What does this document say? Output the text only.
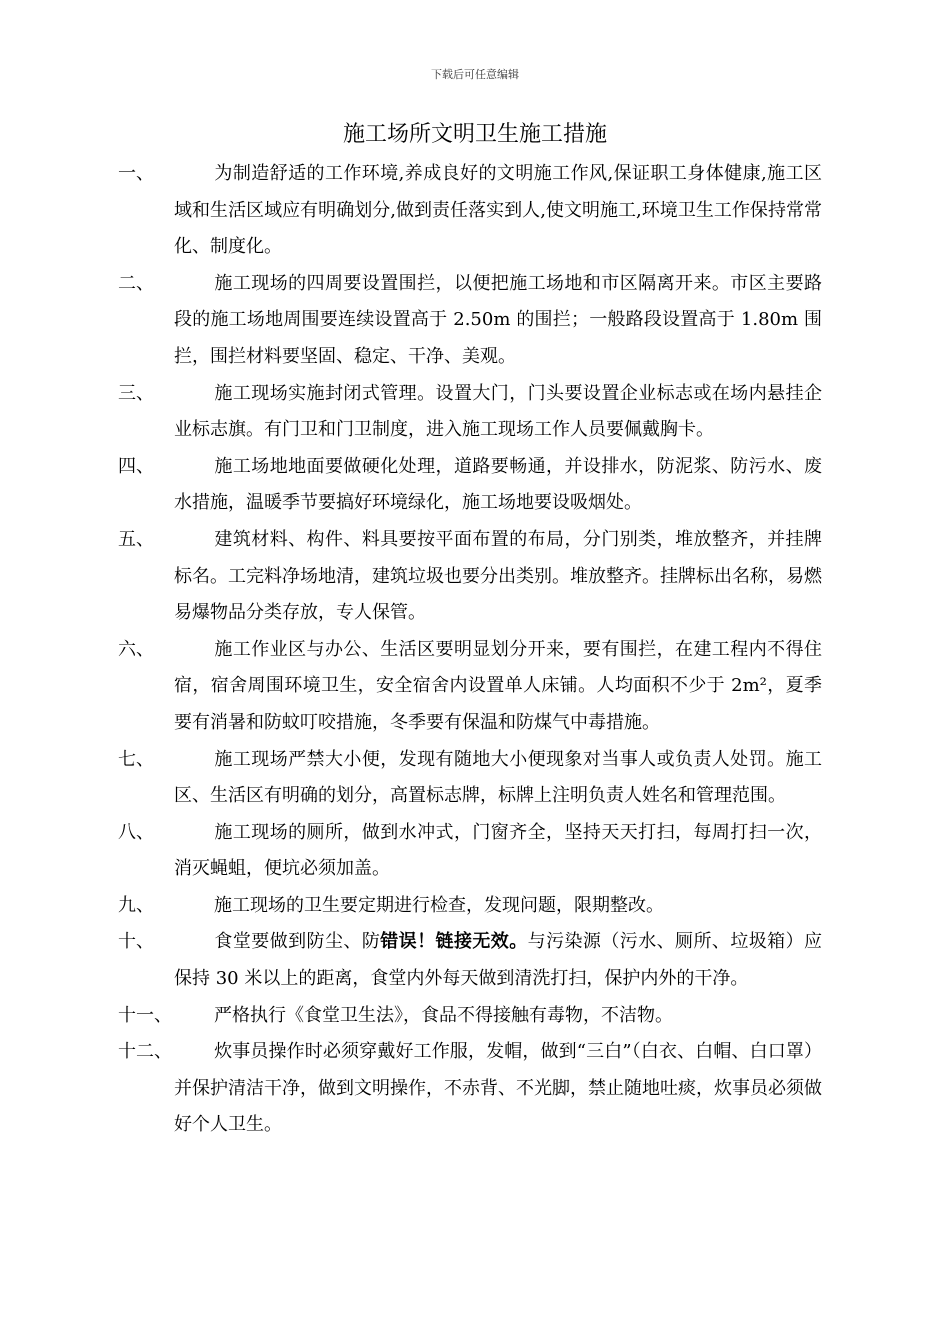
下载后可任意编辑
施工场所文明卫生施工措施
一、	为制造舒适的工作环境,养成良好的文明施工作风,保证职工身体健康,施工区域和生活区域应有明确划分,做到责任落实到人,使文明施工,环境卫生工作保持常常化、制度化。
二、	施工现场的四周要设置围拦，以便把施工场地和市区隔离开来。市区主要路段的施工场地周围要连续设置高于 2.50m 的围拦；一般路段设置高于 1.80m 围拦，围拦材料要坚固、稳定、干净、美观。
三、	施工现场实施封闭式管理。设置大门，门头要设置企业标志或在场内悬挂企业标志旗。有门卫和门卫制度，进入施工现场工作人员要佩戴胸卡。
四、	施工场地地面要做硬化处理，道路要畅通，并设排水，防泥浆、防污水、废水措施，温暖季节要搞好环境绿化，施工场地要设吸烟处。
五、	建筑材料、构件、料具要按平面布置的布局，分门别类，堆放整齐，并挂牌标名。工完料净场地清，建筑垃圾也要分出类别。堆放整齐。挂牌标出名称，易燃易爆物品分类存放，专人保管。
六、	施工作业区与办公、生活区要明显划分开来，要有围拦，在建工程内不得住宿，宿舍周围环境卫生，安全宿舍内设置单人床铺。人均面积不少于 2m²，夏季要有消暑和防蚊叮咬措施，冬季要有保温和防煤气中毒措施。
七、	施工现场严禁大小便，发现有随地大小便现象对当事人或负责人处罚。施工区、生活区有明确的划分，高置标志牌，标牌上注明负责人姓名和管理范围。
八、	施工现场的厕所，做到水冲式，门窗齐全，坚持天天打扫，每周打扫一次，消灭蝇蛆，便坑必须加盖。
九、	施工现场的卫生要定期进行检查，发现问题，限期整改。
十、	食堂要做到防尘、防错误！链接无效。与污染源（污水、厕所、垃圾箱）应保持 30 米以上的距离，食堂内外每天做到清洗打扫，保护内外的干净。
十一、	严格执行《食堂卫生法》，食品不得接触有毒物，不洁物。
十二、	炊事员操作时必须穿戴好工作服，发帽，做到“三白”（白衣、白帽、白口罩）并保护清洁干净，做到文明操作，不赤背、不光脚，禁止随地吐痰，炊事员必须做好个人卫生。
